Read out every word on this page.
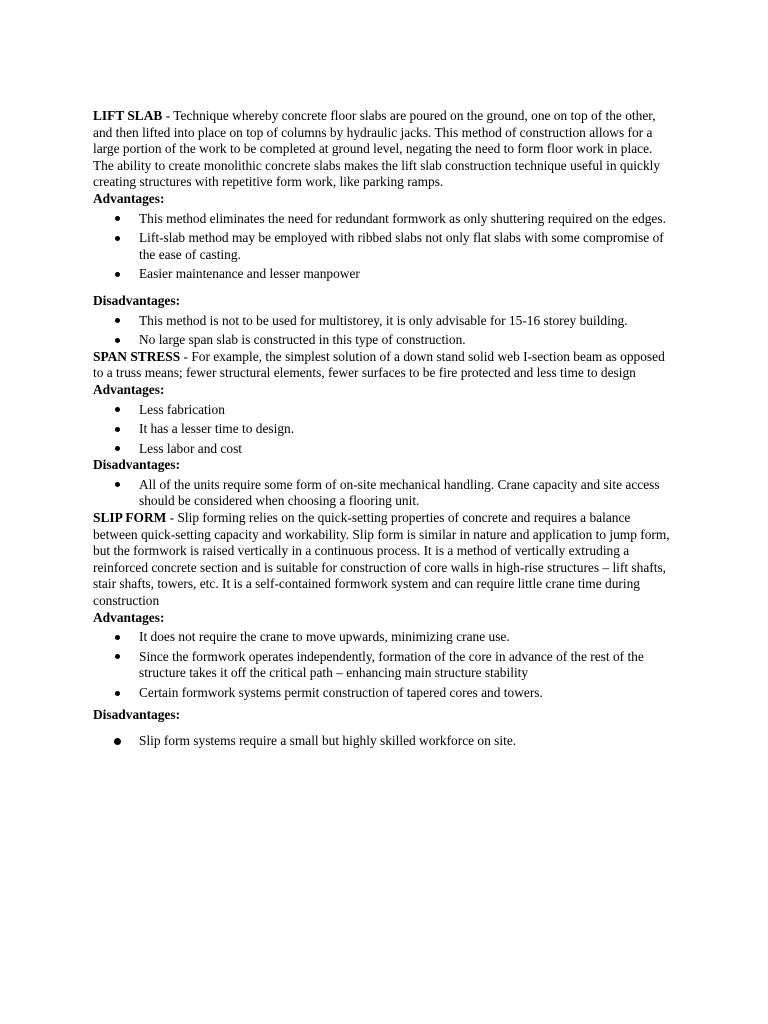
LIFT SLAB - Technique whereby concrete floor slabs are poured on the ground, one on top of the other, and then lifted into place on top of columns by hydraulic jacks. This method of construction allows for a large portion of the work to be completed at ground level, negating the need to form floor work in place. The ability to create monolithic concrete slabs makes the lift slab construction technique useful in quickly creating structures with repetitive form work, like parking ramps.

Advantages:

This method eliminates the need for redundant formwork as only shuttering required on the edges.
Lift-slab method may be employed with ribbed slabs not only flat slabs with some compromise of the ease of casting.
Easier maintenance and lesser manpower

Disadvantages:

This method is not to be used for multistorey, it is only advisable for 15-16 storey building.
No large span slab is constructed in this type of construction.

SPAN STRESS - For example, the simplest solution of a down stand solid web I-section beam as opposed to a truss means; fewer structural elements, fewer surfaces to be fire protected and less time to design

Advantages:

Less fabrication
It has a lesser time to design.
Less labor and cost

Disadvantages:

All of the units require some form of on-site mechanical handling. Crane capacity and site access should be considered when choosing a flooring unit.

SLIP FORM - Slip forming relies on the quick-setting properties of concrete and requires a balance between quick-setting capacity and workability. Slip form is similar in nature and application to jump form, but the formwork is raised vertically in a continuous process. It is a method of vertically extruding a reinforced concrete section and is suitable for construction of core walls in high-rise structures – lift shafts, stair shafts, towers, etc. It is a self-contained formwork system and can require little crane time during construction

Advantages:

It does not require the crane to move upwards, minimizing crane use.
Since the formwork operates independently, formation of the core in advance of the rest of the structure takes it off the critical path – enhancing main structure stability
Certain formwork systems permit construction of tapered cores and towers.

Disadvantages:

Slip form systems require a small but highly skilled workforce on site.
